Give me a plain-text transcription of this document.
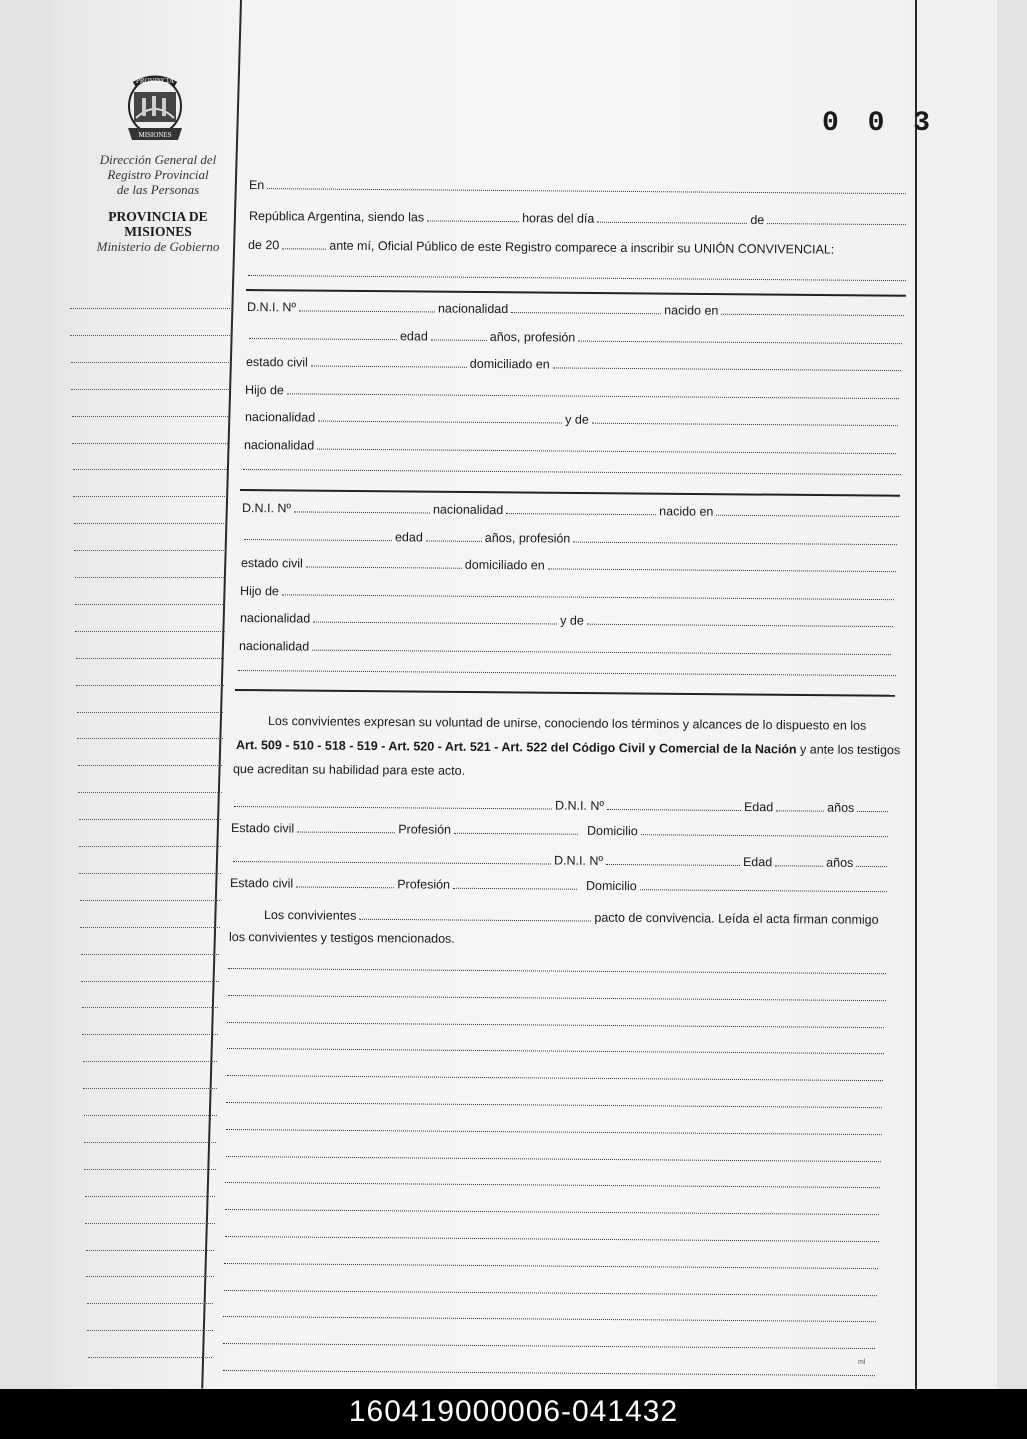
PROVINCIA
MISIONES
Dirección General del
Registro Provincial
de las Personas
PROVINCIA DE
MISIONES
Ministerio de Gobierno
0 0 3
En
República Argentina, siendo las	horas del día	de
de 20	ante mí, Oficial Público de este Registro comparece a inscribir su UNIÓN CONVIVENCIAL:
D.N.I. Nº	nacionalidad	nacido en
edad	años, profesión
estado civil	domiciliado en
Hijo de
nacionalidad	y de
nacionalidad
D.N.I. Nº	nacionalidad	nacido en
edad	años, profesión
estado civil	domiciliado en
Hijo de
nacionalidad	y de
nacionalidad
Los convivientes expresan su voluntad de unirse, conociendo los términos y alcances de lo dispuesto en los
Art. 509 - 510 - 518 - 519 - Art. 520 - Art. 521 - Art. 522 del Código Civil y Comercial de la Nación y ante los testigos
que acreditan su habilidad para este acto.
D.N.I. Nº	Edad	años
Estado civil	Profesión	Domicilio
D.N.I. Nº	Edad	años
Estado civil	Profesión	Domicilio
Los convivientes	pacto de convivencia. Leída el acta firman conmigo
los convivientes y testigos mencionados.
ml
160419000006-041432
